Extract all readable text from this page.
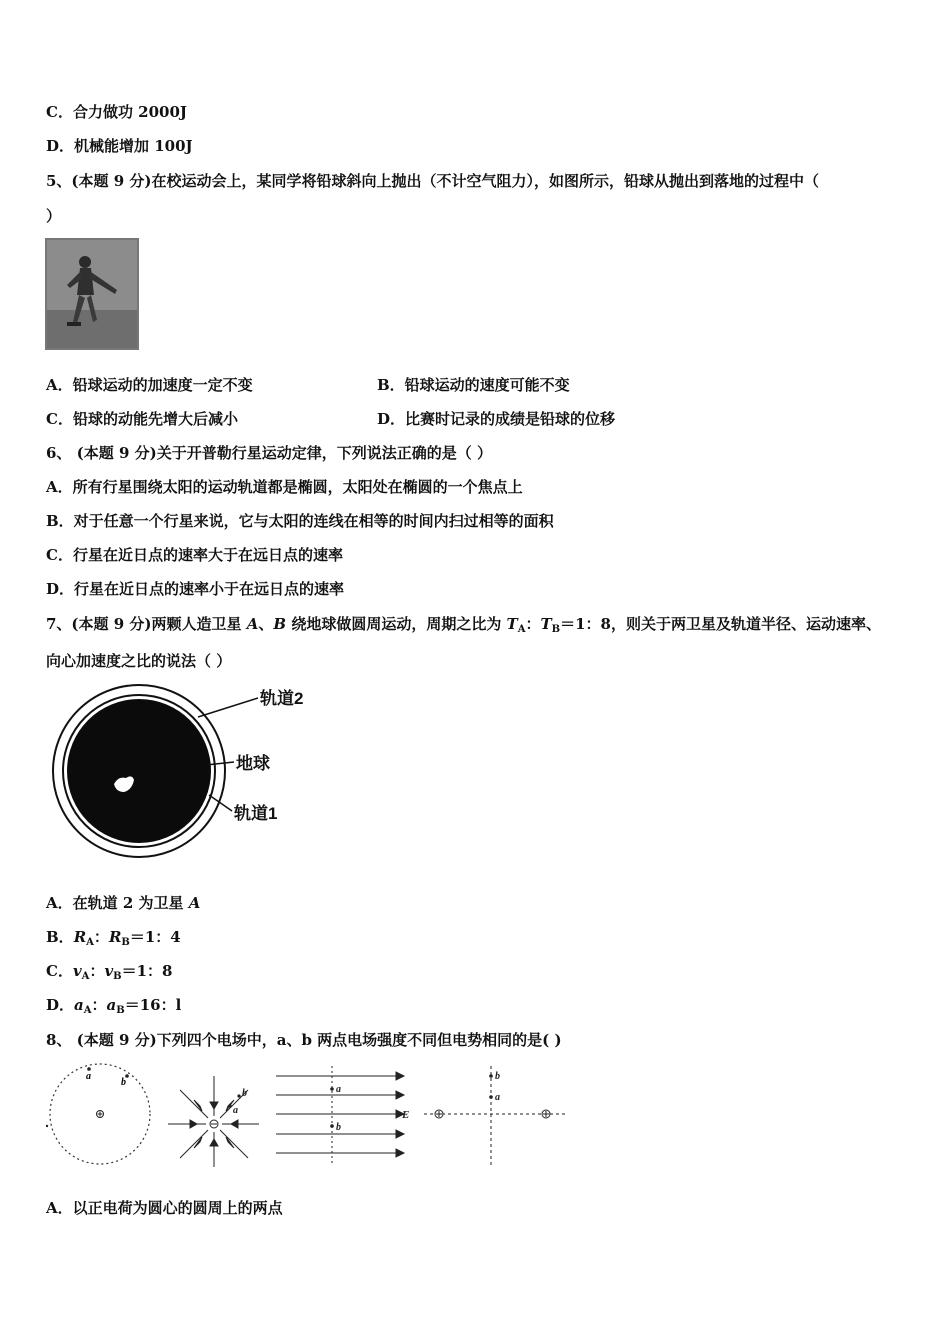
C．合力做功 2000J
D．机械能增加 100J
5、(本题 9 分)在校运动会上，某同学将铅球斜向上抛出（不计空气阻力），如图所示，铅球从抛出到落地的过程中（
）
A．铅球运动的加速度一定不变	B．铅球运动的速度可能不变
C．铅球的动能先增大后减小	D．比赛时记录的成绩是铅球的位移
6、 (本题 9 分)关于开普勒行星运动定律，下列说法正确的是（ ）
A．所有行星围绕太阳的运动轨道都是椭圆，太阳处在椭圆的一个焦点上
B．对于任意一个行星来说，它与太阳的连线在相等的时间内扫过相等的面积
C．行星在近日点的速率大于在远日点的速率
D．行星在近日点的速率小于在远日点的速率
7、(本题 9 分)两颗人造卫星 A、B 绕地球做圆周运动，周期之比为 $T_A$：$T_B=1$：8，则关于两卫星及轨道半径、运动速率、
向心加速度之比的说法（ ）
轨道2
地球
轨道1
A．在轨道 2 为卫星 A
B．$R_A$：$R_B=1$：4
C．$v_A$：$v_B=1$：8
D．$a_A$：$a_B=16$：l
8、 (本题 9 分)下列四个电场中，a、b 两点电场强度不同但电势相同的是( )
a
b
b
a
a
b
E
b
a
A．以正电荷为圆心的圆周上的两点
